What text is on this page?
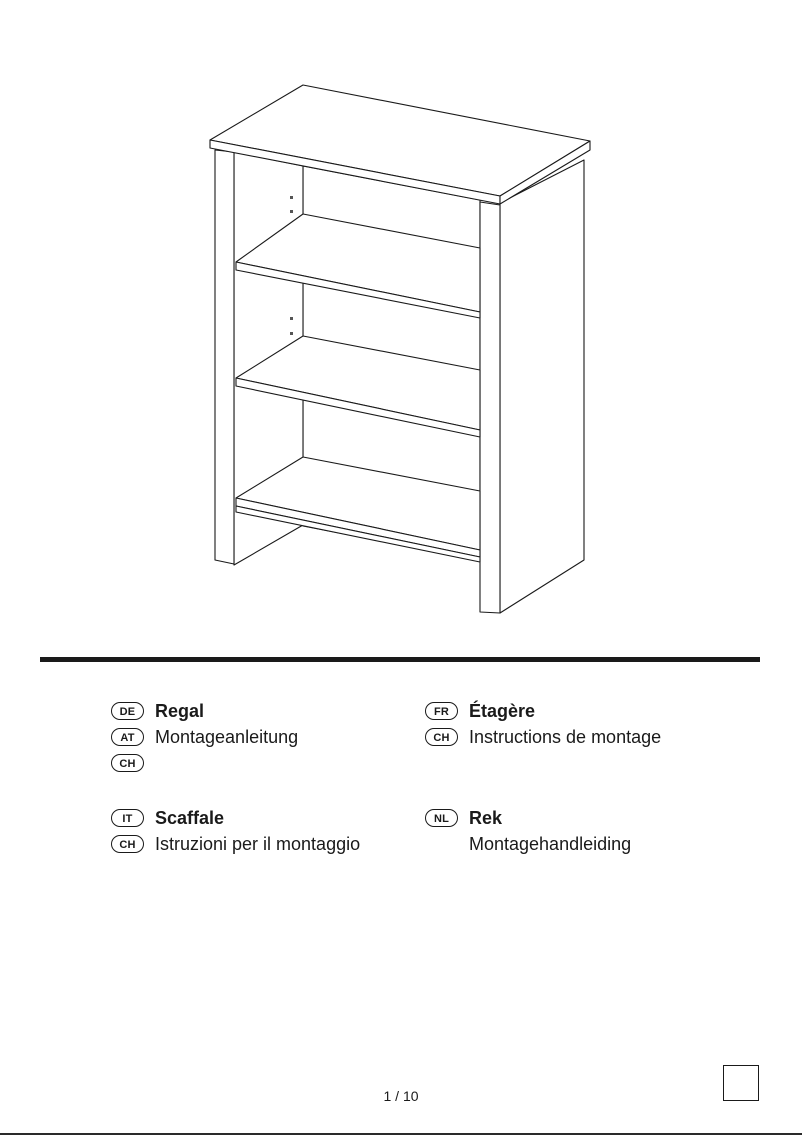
DE	Regal
AT	Montageanleitung
CH
FR	Étagère
CH	Instructions de montage
IT	Scaffale
CH	Istruzioni per il montaggio
NL	Rek
Montagehandleiding
1 / 10
